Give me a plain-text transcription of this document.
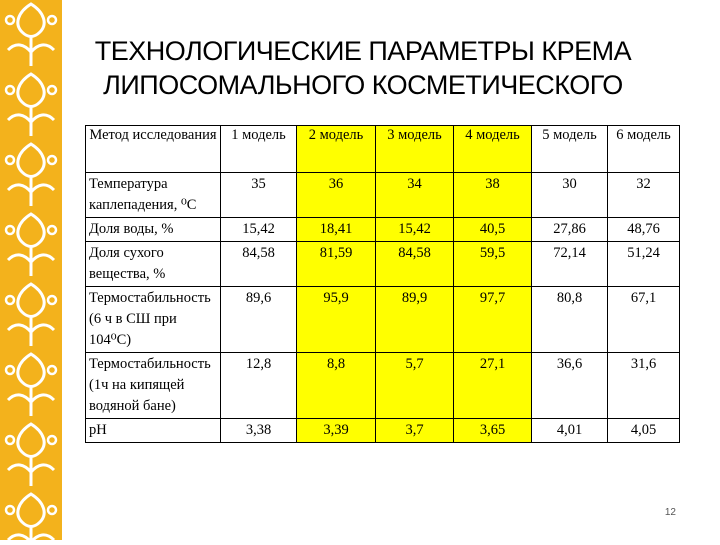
ТЕХНОЛОГИЧЕСКИЕ ПАРАМЕТРЫ КРЕМА
ЛИПОСОМАЛЬНОГО КОСМЕТИЧЕСКОГО
Метод исследования	1 модель	2 модель	3 модель	4 модель	5 модель	6 модель
Температура каплепадения, ⁰С	35	36	34	38	30	32
Доля воды, %	15,42	18,41	15,42	40,5	27,86	48,76
Доля сухого вещества, %	84,58	81,59	84,58	59,5	72,14	51,24
Термостабильность (6 ч в СШ при 104⁰С)	89,6	95,9	89,9	97,7	80,8	67,1
Термостабильность (1ч на кипящей водяной бане)	12,8	8,8	5,7	27,1	36,6	31,6
pH	3,38	3,39	3,7	3,65	4,01	4,05
12
